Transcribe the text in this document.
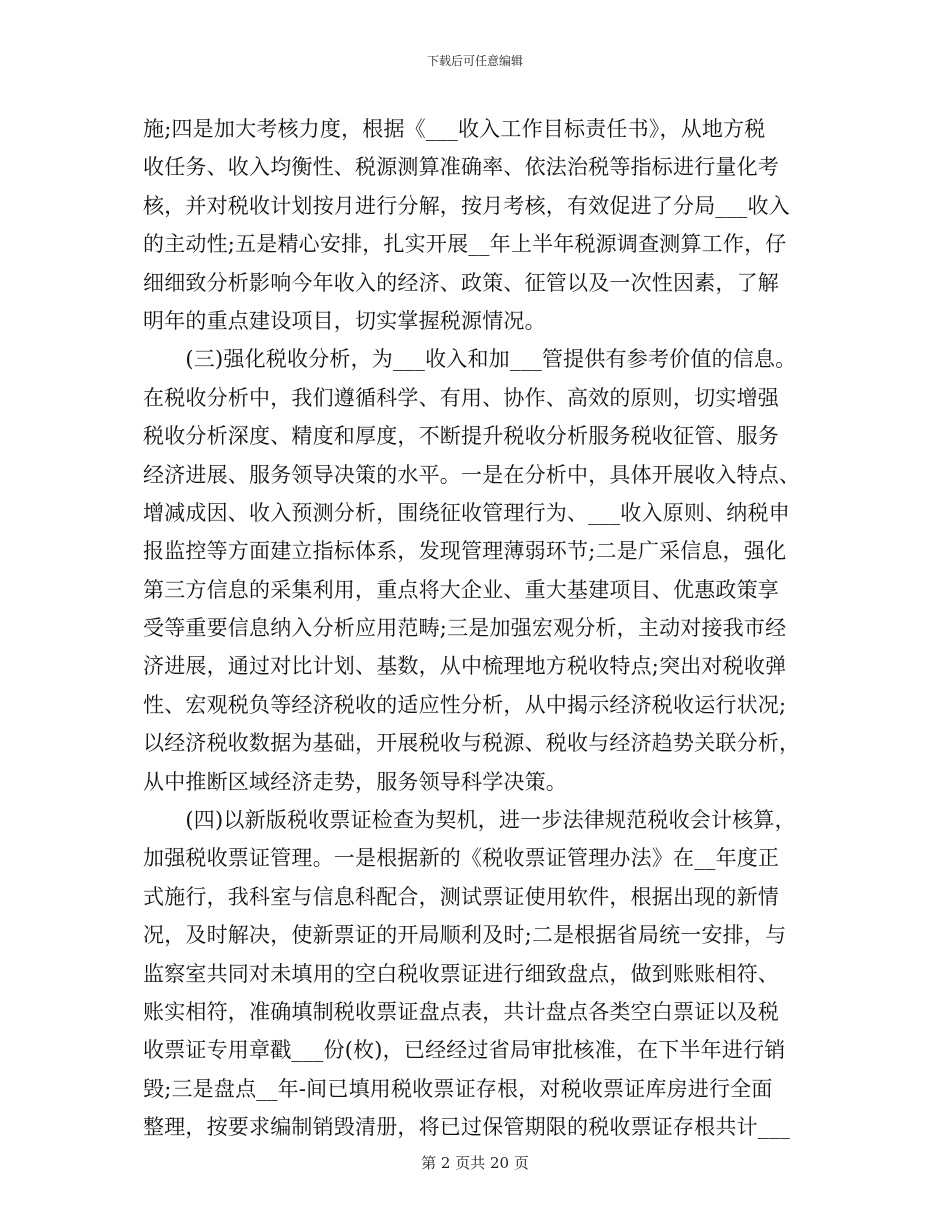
下载后可任意编辑
施;四是加大考核力度，根据《___收入工作目标责任书》，从地方税
收任务、收入均衡性、税源测算准确率、依法治税等指标进行量化考
核，并对税收计划按月进行分解，按月考核，有效促进了分局___收入
的主动性;五是精心安排，扎实开展__年上半年税源调查测算工作，仔
细细致分析影响今年收入的经济、政策、征管以及一次性因素，了解
明年的重点建设项目，切实掌握税源情况。
　　(三)强化税收分析，为___收入和加___管提供有参考价值的信息。
在税收分析中，我们遵循科学、有用、协作、高效的原则，切实增强
税收分析深度、精度和厚度，不断提升税收分析服务税收征管、服务
经济进展、服务领导决策的水平。一是在分析中，具体开展收入特点、
增减成因、收入预测分析，围绕征收管理行为、___收入原则、纳税申
报监控等方面建立指标体系，发现管理薄弱环节;二是广采信息，强化
第三方信息的采集利用，重点将大企业、重大基建项目、优惠政策享
受等重要信息纳入分析应用范畴;三是加强宏观分析，主动对接我市经
济进展，通过对比计划、基数，从中梳理地方税收特点;突出对税收弹
性、宏观税负等经济税收的适应性分析，从中揭示经济税收运行状况;
以经济税收数据为基础，开展税收与税源、税收与经济趋势关联分析，
从中推断区域经济走势，服务领导科学决策。
　　(四)以新版税收票证检查为契机，进一步法律规范税收会计核算，
加强税收票证管理。一是根据新的《税收票证管理办法》在__年度正
式施行，我科室与信息科配合，测试票证使用软件，根据出现的新情
况，及时解决，使新票证的开局顺利及时;二是根据省局统一安排，与
监察室共同对未填用的空白税收票证进行细致盘点，做到账账相符、
账实相符，准确填制税收票证盘点表，共计盘点各类空白票证以及税
收票证专用章戳___份(枚)，已经经过省局审批核准，在下半年进行销
毁;三是盘点__年-间已填用税收票证存根，对税收票证库房进行全面
整理，按要求编制销毁清册，将已过保管期限的税收票证存根共计___
第 2 页共 20 页
